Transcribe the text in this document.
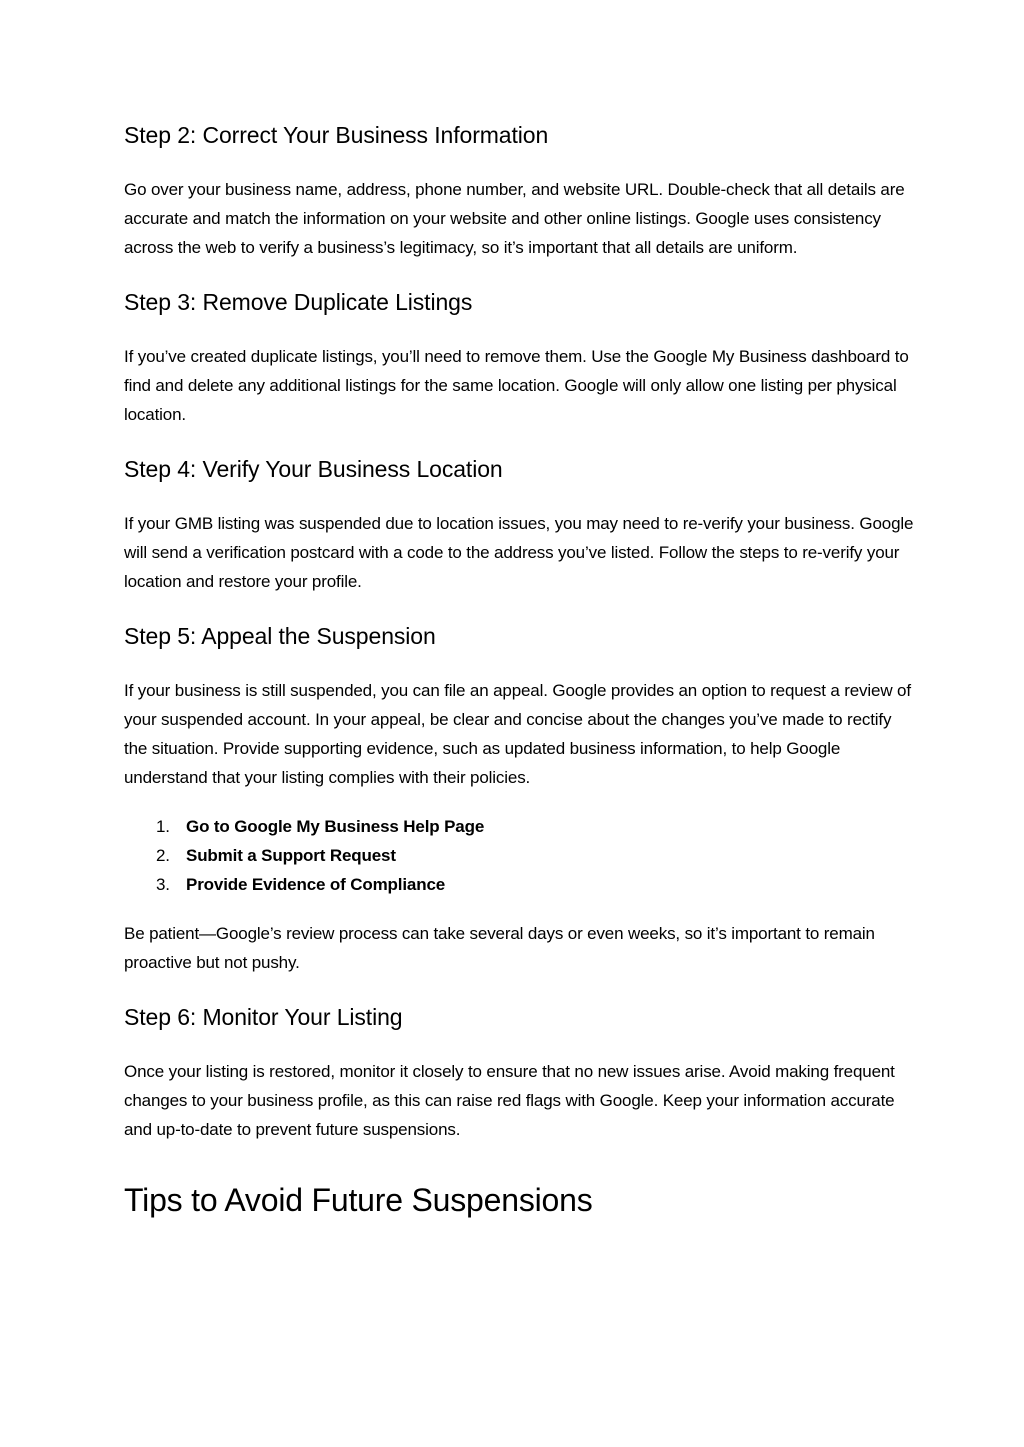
Step 2: Correct Your Business Information

Go over your business name, address, phone number, and website URL. Double-check that all details are accurate and match the information on your website and other online listings. Google uses consistency across the web to verify a business’s legitimacy, so it’s important that all details are uniform.

Step 3: Remove Duplicate Listings

If you’ve created duplicate listings, you’ll need to remove them. Use the Google My Business dashboard to find and delete any additional listings for the same location. Google will only allow one listing per physical location.

Step 4: Verify Your Business Location

If your GMB listing was suspended due to location issues, you may need to re-verify your business. Google will send a verification postcard with a code to the address you’ve listed. Follow the steps to re-verify your location and restore your profile.

Step 5: Appeal the Suspension

If your business is still suspended, you can file an appeal. Google provides an option to request a review of your suspended account. In your appeal, be clear and concise about the changes you’ve made to rectify the situation. Provide supporting evidence, such as updated business information, to help Google understand that your listing complies with their policies.

1. Go to Google My Business Help Page
2. Submit a Support Request
3. Provide Evidence of Compliance

Be patient—Google’s review process can take several days or even weeks, so it’s important to remain proactive but not pushy.

Step 6: Monitor Your Listing

Once your listing is restored, monitor it closely to ensure that no new issues arise. Avoid making frequent changes to your business profile, as this can raise red flags with Google. Keep your information accurate and up-to-date to prevent future suspensions.

Tips to Avoid Future Suspensions
